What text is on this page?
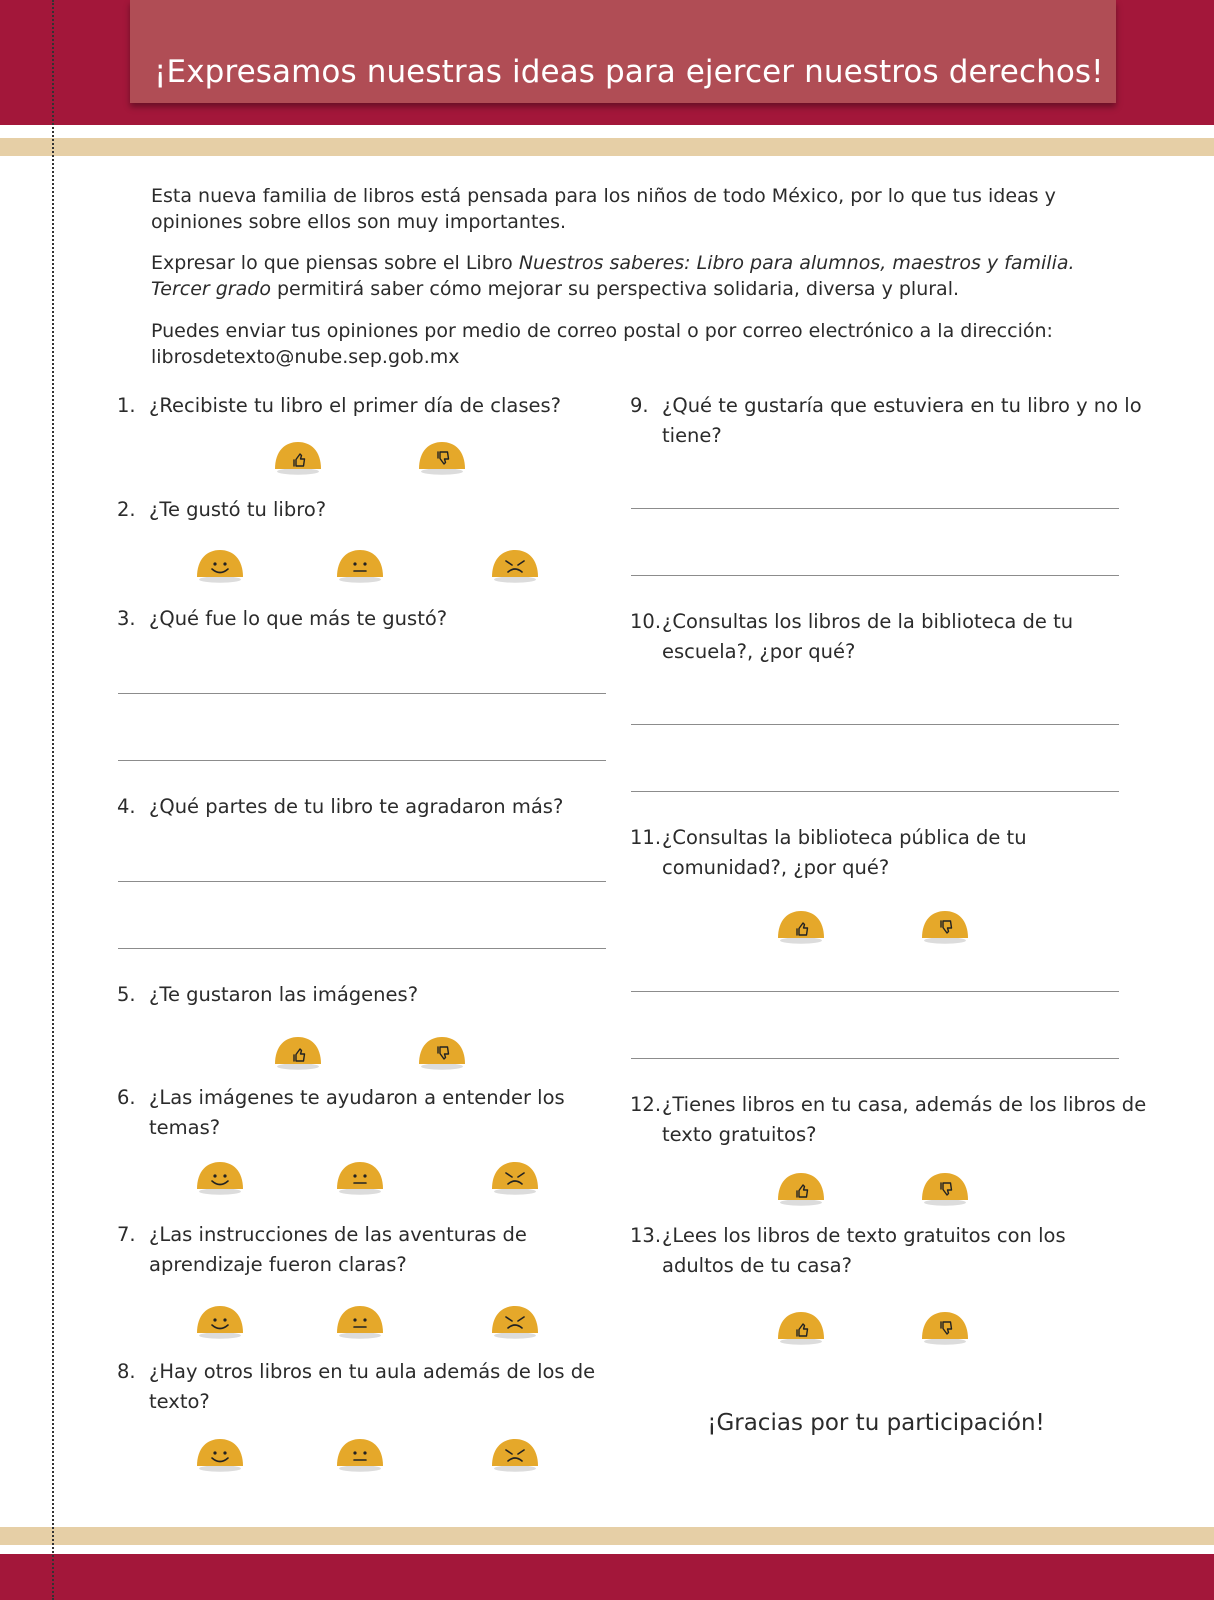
¡Expresamos nuestras ideas para ejercer nuestros derechos!

Esta nueva familia de libros está pensada para los niños de todo México, por lo que tus ideas y opiniones sobre ellos son muy importantes.

Expresar lo que piensas sobre el Libro Nuestros saberes: Libro para alumnos, maestros y familia. Tercer grado permitirá saber cómo mejorar su perspectiva solidaria, diversa y plural.

Puedes enviar tus opiniones por medio de correo postal o por correo electrónico a la dirección: librosdetexto@nube.sep.gob.mx

1. ¿Recibiste tu libro el primer día de clases?
2. ¿Te gustó tu libro?
3. ¿Qué fue lo que más te gustó?
4. ¿Qué partes de tu libro te agradaron más?
5. ¿Te gustaron las imágenes?
6. ¿Las imágenes te ayudaron a entender los
temas?
7. ¿Las instrucciones de las aventuras de
aprendizaje fueron claras?
8. ¿Hay otros libros en tu aula además de los de
texto?
9. ¿Qué te gustaría que estuviera en tu libro y no lo
tiene?
10. ¿Consultas los libros de la biblioteca de tu
escuela?, ¿por qué?
11. ¿Consultas la biblioteca pública de tu
comunidad?, ¿por qué?
12. ¿Tienes libros en tu casa, además de los libros de
texto gratuitos?
13. ¿Lees los libros de texto gratuitos con los
adultos de tu casa?
¡Gracias por tu participación!
